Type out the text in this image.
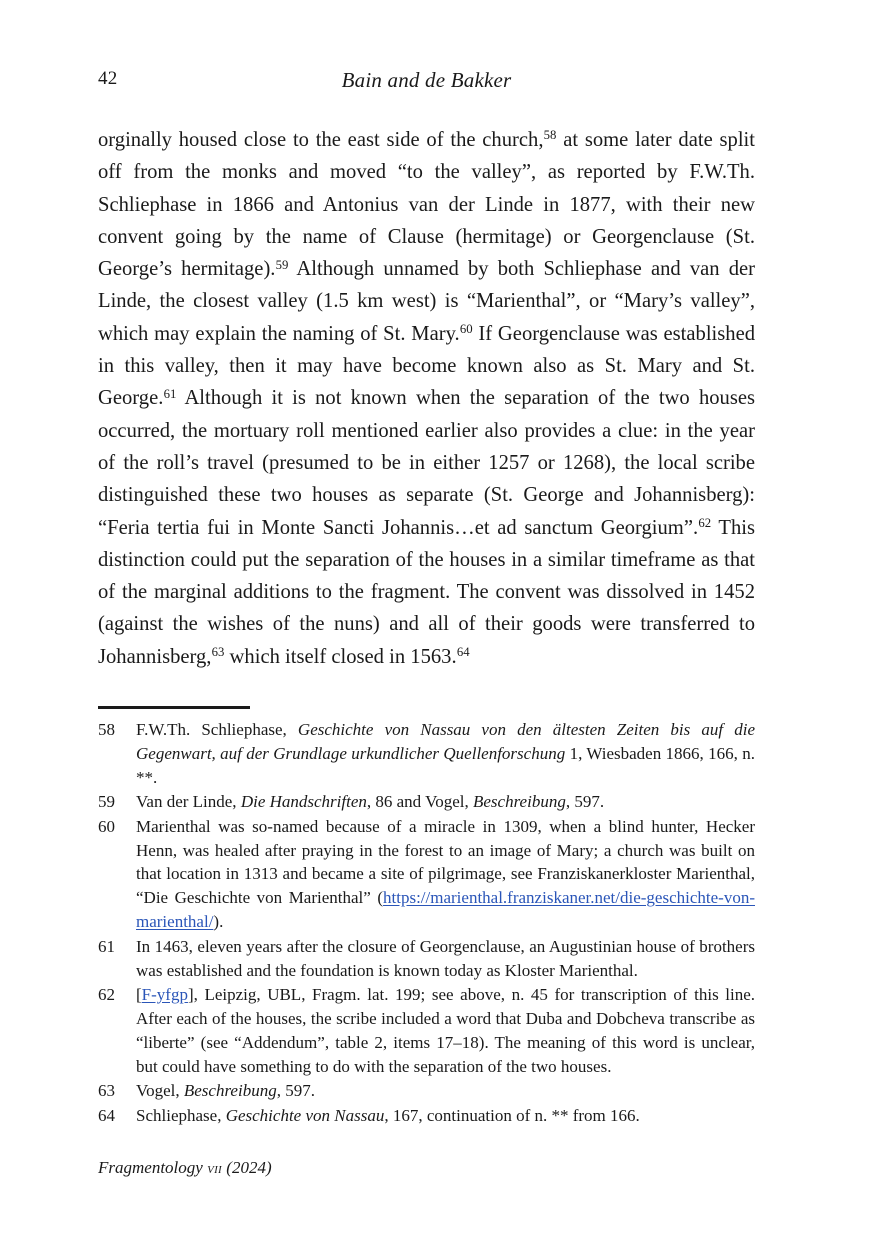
42	Bain and de Bakker

orginally housed close to the east side of the church,$^{58}$ at some later date split off from the monks and moved “to the valley”, as reported by F.W.Th. Schliephase in 1866 and Antonius van der Linde in 1877, with their new convent going by the name of Clause (hermitage) or Georgenclause (St. George’s hermitage).$^{59}$ Although unnamed by both Schliephase and van der Linde, the closest valley (1.5 km west) is “Marienthal”, or “Mary’s valley”, which may explain the naming of St. Mary.$^{60}$ If Georgenclause was established in this valley, then it may have become known also as St. Mary and St. George.$^{61}$ Although it is not known when the separation of the two houses occurred, the mortuary roll mentioned earlier also provides a clue: in the year of the roll’s travel (presumed to be in either 1257 or 1268), the local scribe distinguished these two houses as separate (St. George and Johannisberg): “Feria tertia fui in Monte Sancti Johannis…et ad sanctum Georgium”.$^{62}$ This distinction could put the separation of the houses in a similar timeframe as that of the marginal additions to the fragment. The convent was dissolved in 1452 (against the wishes of the nuns) and all of their goods were transferred to Johannisberg,$^{63}$ which itself closed in 1563.64

58	F.W.Th. Schliephase, Geschichte von Nassau von den ältesten Zeiten bis auf die Gegenwart, auf der Grundlage urkundlicher Quellenforschung 1, Wiesbaden 1866, 166, n. **.
59	Van der Linde, Die Handschriften, 86 and Vogel, Beschreibung, 597.
60	Marienthal was so-named because of a miracle in 1309, when a blind hunter, Hecker Henn, was healed after praying in the forest to an image of Mary; a church was built on that location in 1313 and became a site of pilgrimage, see Franziskanerkloster Marienthal, “Die Geschichte von Marienthal” (https://marienthal.franziskaner.net/die-geschichte-von-marienthal/).
61	In 1463, eleven years after the closure of Georgenclause, an Augustinian house of brothers was established and the foundation is known today as Kloster Marienthal.
62	[F-yfgp], Leipzig, UBL, Fragm. lat. 199; see above, n. 45 for transcription of this line. After each of the houses, the scribe included a word that Duba and Dobcheva transcribe as “liberte” (see “Addendum”, table 2, items 17–18). The meaning of this word is unclear, but could have something to do with the separation of the two houses.
63	Vogel, Beschreibung, 597.
64	Schliephase, Geschichte von Nassau, 167, continuation of n. ** from 166.
Fragmentology vii (2024)
